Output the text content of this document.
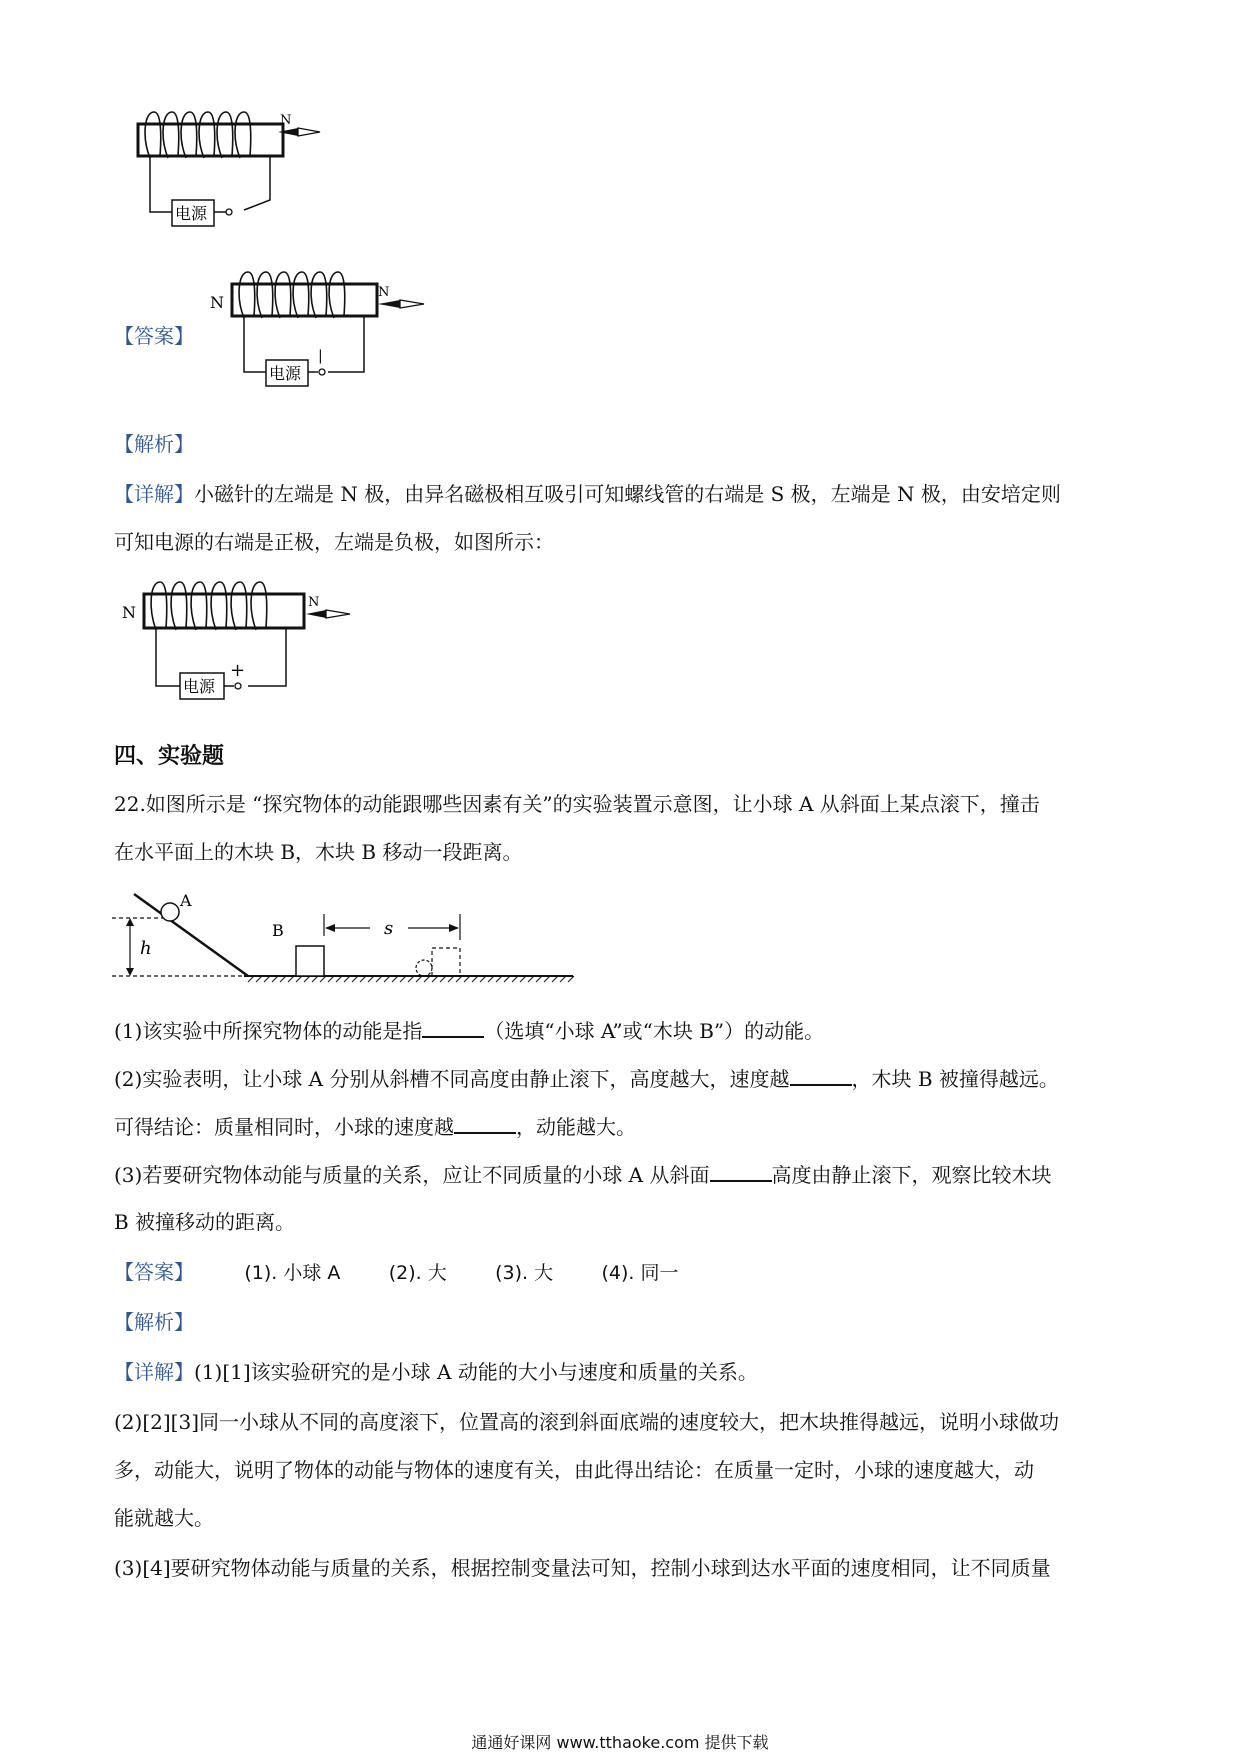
电源
N
【答案】
N
电源
|
N
【解析】
【详解】小磁针的左端是 N 极，由异名磁极相互吸引可知螺线管的右端是 S 极，左端是 N 极，由安培定则
可知电源的右端是正极，左端是负极，如图所示：
N
电源
+
N
四、实验题
22.如图所示是 “探究物体的动能跟哪些因素有关”的实验装置示意图，让小球 A 从斜面上某点滚下，撞击
在水平面上的木块 B，木块 B 移动一段距离。
h
A
B	s
(1)该实验中所探究物体的动能是指	（选填“小球 A”或“木块 B”）的动能。
(2)实验表明，让小球 A 分别从斜槽不同高度由静止滚下，高度越大，速度越	，木块 B 被撞得越远。
可得结论：质量相同时，小球的速度越	，动能越大。
(3)若要研究物体动能与质量的关系，应让不同质量的小球 A 从斜面	高度由静止滚下，观察比较木块
B 被撞移动的距离。
【答案】	(1). 小球 A	(2). 大	(3). 大	(4). 同一
【解析】
【详解】(1)[1]该实验研究的是小球 A 动能的大小与速度和质量的关系。
(2)[2][3]同一小球从不同的高度滚下，位置高的滚到斜面底端的速度较大，把木块推得越远，说明小球做功
多，动能大，说明了物体的动能与物体的速度有关，由此得出结论：在质量一定时，小球的速度越大，动
能就越大。
(3)[4]要研究物体动能与质量的关系，根据控制变量法可知，控制小球到达水平面的速度相同，让不同质量
通通好课网 www.tthaoke.com 提供下载
